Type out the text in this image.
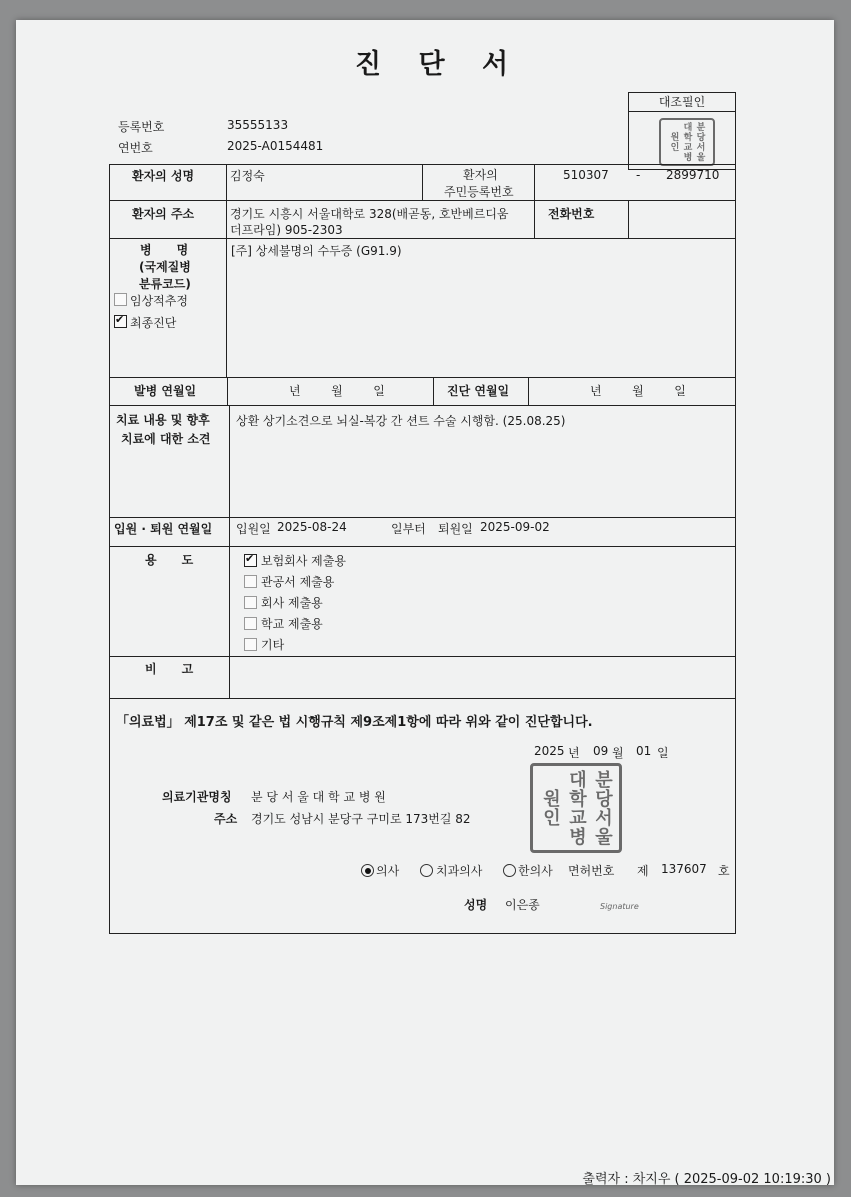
진 단 서
대조필인
분당서울대학교병원인
등록번호	35555133
연번호	2025-A0154481
환자의 성명	김정숙	환자의
주민등록번호
510307 - 2899710
환자의 주소	경기도 시흥시 서울대학로 328(배곧동, 호반베르디움
더프라임) 905-2303
전화번호
병      명
(국제질병
분류코드)
임상적추정
✔
최종진단
[주] 상세불명의 수두증 (G91.9)
발병 연월일	년        월        일	진단 연월일	년        월        일
치료 내용 및 향후
치료에 대한 소견
상환 상기소견으로 뇌실-복강 간 션트 수술 시행함. (25.08.25)
입원 · 퇴원 연월일 입원일 2025-08-24	일부터 퇴원일 2025-09-02
용      도
✔	보험회사 제출용
관공서 제출용
회사 제출용
학교 제출용
기타
비      고
「의료법」 제17조 및 같은 법 시행규칙 제9조제1항에 따라 위와 같이 진단합니다.
2025 년 09 월 01 일
의료기관명칭 분 당 서 울 대 학 교 병 원
주소 경기도 성남시 분당구 구미로 173번길 82	분당서울대학교병원인
의사	치과의사	한의사 면허번호 제 137607 호
성명 이은종	Signature
출력자 : 차지우 ( 2025-09-02 10:19:30 )
